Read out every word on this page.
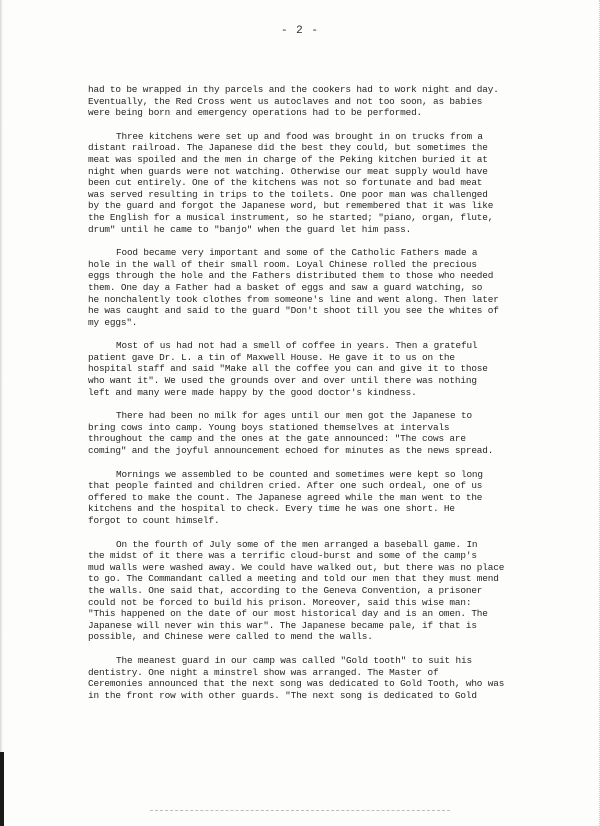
- 2 -

had to be wrapped in thy parcels and the cookers had to work night and day.
Eventually, the Red Cross went us autoclaves and not too soon, as babies
were being born and emergency operations had to be performed.

Three kitchens were set up and food was brought in on trucks from a
distant railroad. The Japanese did the best they could, but sometimes the
meat was spoiled and the men in charge of the Peking kitchen buried it at
night when guards were not watching. Otherwise our meat supply would have
been cut entirely. One of the kitchens was not so fortunate and bad meat
was served resulting in trips to the toilets. One poor man was challenged
by the guard and forgot the Japanese word, but remembered that it was like
the English for a musical instrument, so he started; "piano, organ, flute,
drum" until he came to "banjo" when the guard let him pass.

Food became very important and some of the Catholic Fathers made a
hole in the wall of their small room. Loyal Chinese rolled the precious
eggs through the hole and the Fathers distributed them to those who needed
them. One day a Father had a basket of eggs and saw a guard watching, so
he nonchalently took clothes from someone's line and went along. Then later
he was caught and said to the guard "Don't shoot till you see the whites of
my eggs".

Most of us had not had a smell of coffee in years. Then a grateful
patient gave Dr. L. a tin of Maxwell House. He gave it to us on the
hospital staff and said "Make all the coffee you can and give it to those
who want it". We used the grounds over and over until there was nothing
left and many were made happy by the good doctor's kindness.

There had been no milk for ages until our men got the Japanese to
bring cows into camp. Young boys stationed themselves at intervals
throughout the camp and the ones at the gate announced: "The cows are
coming" and the joyful announcement echoed for minutes as the news spread.

Mornings we assembled to be counted and sometimes were kept so long
that people fainted and children cried. After one such ordeal, one of us
offered to make the count. The Japanese agreed while the man went to the
kitchens and the hospital to check. Every time he was one short. He
forgot to count himself.

On the fourth of July some of the men arranged a baseball game. In
the midst of it there was a terrific cloud-burst and some of the camp's
mud walls were washed away. We could have walked out, but there was no place
to go. The Commandant called a meeting and told our men that they must mend
the walls. One said that, according to the Geneva Convention, a prisoner
could not be forced to build his prison. Moreover, said this wise man:
"This happened on the date of our most historical day and is an omen. The
Japanese will never win this war". The Japanese became pale, if that is
possible, and Chinese were called to mend the walls.

The meanest guard in our camp was called "Gold tooth" to suit his
dentistry. One night a minstrel show was arranged. The Master of
Ceremonies announced that the next song was dedicated to Gold Tooth, who was
in the front row with other guards. "The next song is dedicated to Gold
